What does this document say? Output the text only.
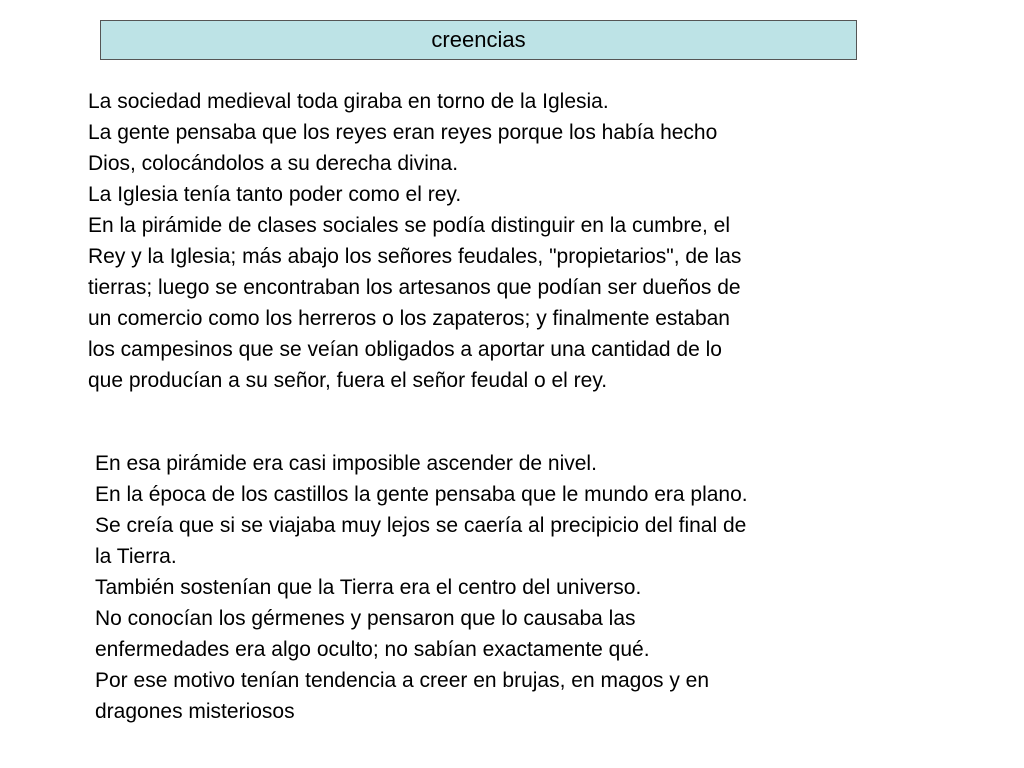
creencias

La sociedad medieval toda giraba en torno de la Iglesia.

La gente pensaba que los reyes eran reyes porque los había hecho

Dios, colocándolos a su derecha divina.

La Iglesia tenía tanto poder como el rey.

En la pirámide de clases sociales se podía distinguir en la cumbre, el

Rey y la Iglesia; más abajo los señores feudales, "propietarios", de las

tierras; luego se encontraban los artesanos que podían ser dueños de

un comercio como los herreros o los zapateros; y finalmente estaban

los campesinos que se veían obligados a aportar una cantidad de lo

que producían a su señor, fuera el señor feudal o el rey.

En esa pirámide era casi imposible ascender de nivel.

En la época de los castillos la gente pensaba que le mundo era plano.

Se creía que si se viajaba muy lejos se caería al precipicio del final de

la Tierra.

También sostenían que la Tierra era el centro del universo.

No conocían los gérmenes y pensaron que lo causaba las

enfermedades era algo oculto; no sabían exactamente qué.

Por ese motivo tenían tendencia a creer en brujas, en magos y en

dragones misteriosos
